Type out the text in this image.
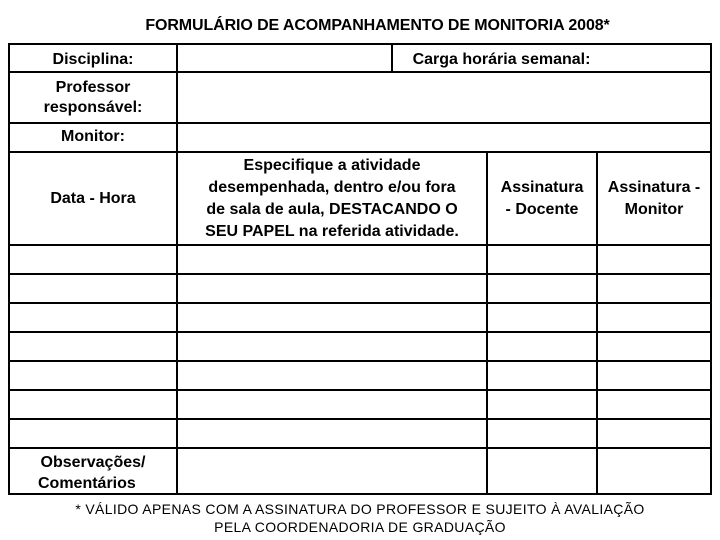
FORMULÁRIO DE ACOMPANHAMENTO DE MONITORIA 2008*
Disciplina:	Carga horária semanal:
Professor
responsável:
Monitor:
Data - Hora
Especifique a atividade
desempenhada, dentro e/ou fora
de sala de aula, DESTACANDO O
SEU PAPEL na referida atividade.
Assinatura
- Docente
Assinatura -
Monitor
Observações/
Comentários
* VÁLIDO APENAS COM A ASSINATURA DO PROFESSOR E SUJEITO À AVALIAÇÃO
PELA COORDENADORIA DE GRADUAÇÃO
